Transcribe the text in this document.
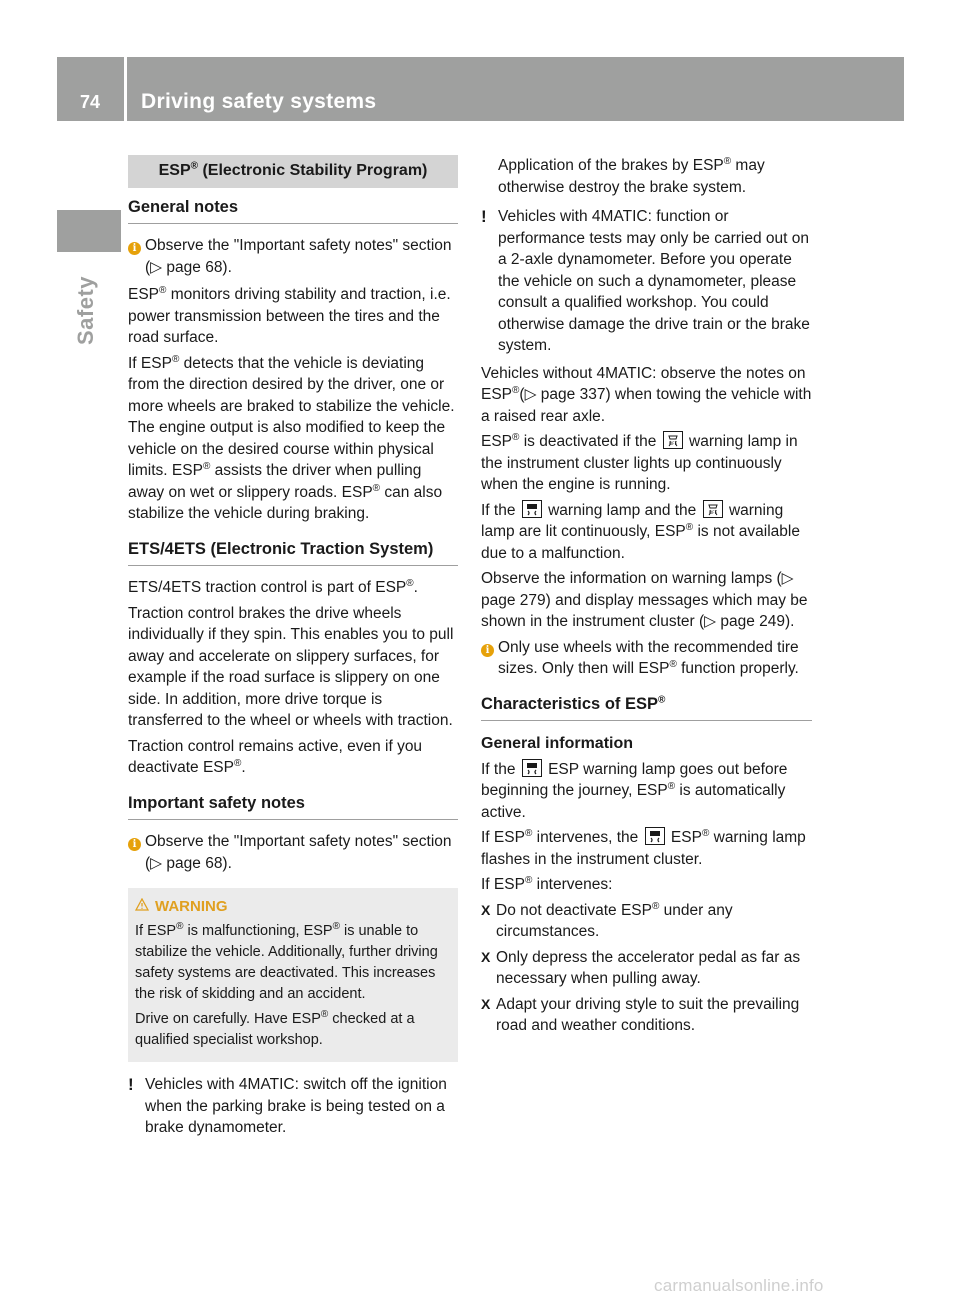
74	Driving safety systems
Safety
ESP® (Electronic Stability Program)
General notes
i Observe the "Important safety notes" section (▷ page 68).

ESP® monitors driving stability and traction, i.e. power transmission between the tires and the road surface.

If ESP® detects that the vehicle is deviating from the direction desired by the driver, one or more wheels are braked to stabilize the vehicle. The engine output is also modified to keep the vehicle on the desired course within physical limits. ESP® assists the driver when pulling away on wet or slippery roads. ESP® can also stabilize the vehicle during braking.

ETS/4ETS (Electronic Traction System)

ETS/4ETS traction control is part of ESP®.

Traction control brakes the drive wheels individually if they spin. This enables you to pull away and accelerate on slippery surfaces, for example if the road surface is slippery on one side. In addition, more drive torque is transferred to the wheel or wheels with traction.

Traction control remains active, even if you deactivate ESP®.

Important safety notes
i Observe the "Important safety notes" section (▷ page 68).
WARNING

If ESP® is malfunctioning, ESP® is unable to stabilize the vehicle. Additionally, further driving safety systems are deactivated. This increases the risk of skidding and an accident.

Drive on carefully. Have ESP® checked at a qualified specialist workshop.

! Vehicles with 4MATIC: switch off the ignition when the parking brake is being tested on a brake dynamometer.

Application of the brakes by ESP® may otherwise destroy the brake system.

! Vehicles with 4MATIC: function or performance tests may only be carried out on a 2-axle dynamometer. Before you operate the vehicle on such a dynamometer, please consult a qualified workshop. You could otherwise damage the drive train or the brake system.

Vehicles without 4MATIC: observe the notes on ESP®(▷ page 337) when towing the vehicle with a raised rear axle.

ESP® is deactivated if the	OFF warning lamp in the instrument cluster lights up continuously when the engine is running.

If the warning lamp and the	OFF warning lamp are lit continuously, ESP® is not available due to a malfunction.

Observe the information on warning lamps (▷ page 279) and display messages which may be shown in the instrument cluster (▷ page 249).

i Only use wheels with the recommended tire sizes. Only then will ESP® function properly.
Characteristics of ESP®
General information

If the ESP warning lamp goes out before beginning the journey, ESP® is automatically active.

If ESP® intervenes, the ESP® warning lamp flashes in the instrument cluster.

If ESP® intervenes:

X Do not deactivate ESP® under any circumstances.
X Only depress the accelerator pedal as far as necessary when pulling away.
X Adapt your driving style to suit the prevailing road and weather conditions.
carmanualsonline.info
